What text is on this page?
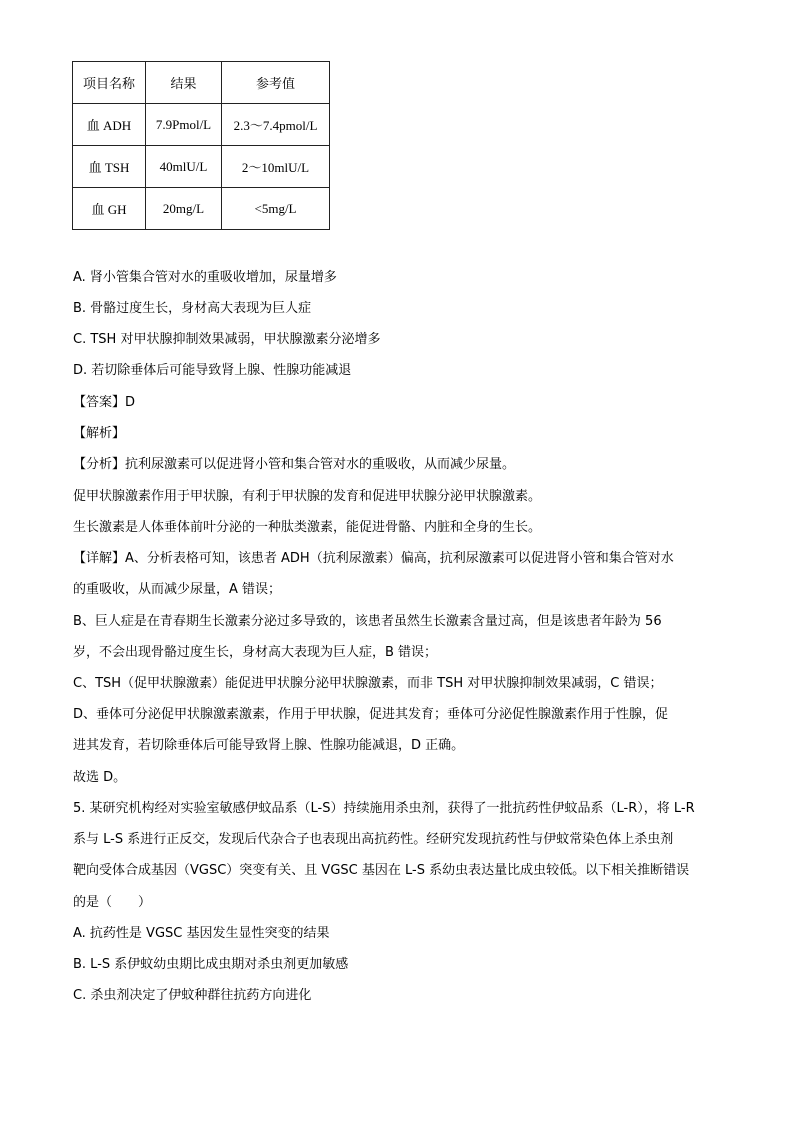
项目名称	结果	参考值
血 ADH	7.9Pmol/L	2.3～7.4pmol/L
血 TSH	40mlU/L	2～10mlU/L
血 GH	20mg/L	<5mg/L
A. 肾小管集合管对水的重吸收增加，尿量增多
B. 骨骼过度生长，身材高大表现为巨人症
C. TSH 对甲状腺抑制效果减弱，甲状腺激素分泌增多
D. 若切除垂体后可能导致肾上腺、性腺功能减退
【答案】D
【解析】
【分析】抗利尿激素可以促进肾小管和集合管对水的重吸收，从而减少尿量。
促甲状腺激素作用于甲状腺，有利于甲状腺的发育和促进甲状腺分泌甲状腺激素。
生长激素是人体垂体前叶分泌的一种肽类激素，能促进骨骼、内脏和全身的生长。
【详解】A、分析表格可知，该患者 ADH（抗利尿激素）偏高，抗利尿激素可以促进肾小管和集合管对水
的重吸收，从而减少尿量，A 错误；
B、巨人症是在青春期生长激素分泌过多导致的，该患者虽然生长激素含量过高，但是该患者年龄为 56
岁，不会出现骨骼过度生长，身材高大表现为巨人症，B 错误；
C、TSH（促甲状腺激素）能促进甲状腺分泌甲状腺激素，而非 TSH 对甲状腺抑制效果减弱，C 错误；
D、垂体可分泌促甲状腺激素激素，作用于甲状腺，促进其发育；垂体可分泌促性腺激素作用于性腺，促
进其发育，若切除垂体后可能导致肾上腺、性腺功能减退，D 正确。
故选 D。
5. 某研究机构经对实验室敏感伊蚊品系（L-S）持续施用杀虫剂，获得了一批抗药性伊蚊品系（L-R），将 L-R
系与 L-S 系进行正反交，发现后代杂合子也表现出高抗药性。经研究发现抗药性与伊蚊常染色体上杀虫剂
靶向受体合成基因（VGSC）突变有关、且 VGSC 基因在 L-S 系幼虫表达量比成虫较低。以下相关推断错误
的是（　　）
A. 抗药性是 VGSC 基因发生显性突变的结果
B. L-S 系伊蚊幼虫期比成虫期对杀虫剂更加敏感
C. 杀虫剂决定了伊蚊种群往抗药方向进化
